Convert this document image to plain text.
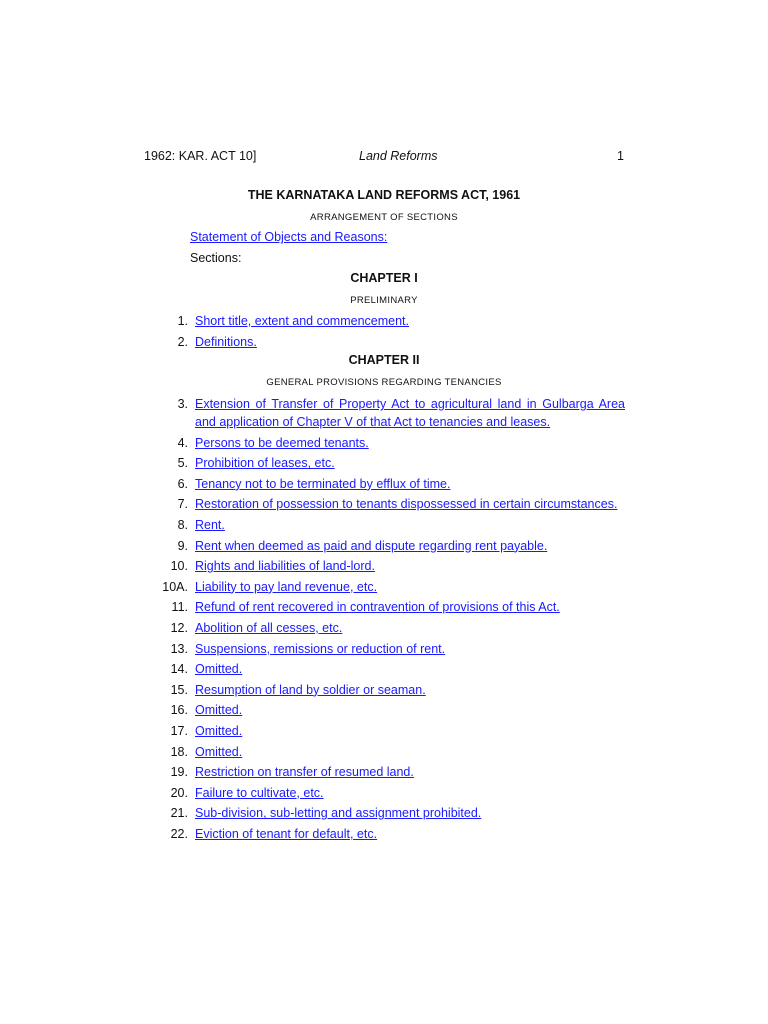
1962: KAR. ACT 10]	Land Reforms	1
THE KARNATAKA LAND REFORMS ACT, 1961
ARRANGEMENT OF SECTIONS
Statement of Objects and Reasons:
Sections:
CHAPTER I
PRELIMINARY
1. Short title, extent and commencement.
2. Definitions.
CHAPTER II
GENERAL PROVISIONS REGARDING TENANCIES
3. Extension of Transfer of Property Act to agricultural land in Gulbarga Area and application of Chapter V of that Act to tenancies and leases.
4. Persons to be deemed tenants.
5. Prohibition of leases, etc.
6. Tenancy not to be terminated by efflux of time.
7. Restoration of possession to tenants dispossessed in certain circumstances.
8. Rent.
9. Rent when deemed as paid and dispute regarding rent payable.
10. Rights and liabilities of land-lord.
10A. Liability to pay land revenue, etc.
11. Refund of rent recovered in contravention of provisions of this Act.
12. Abolition of all cesses, etc.
13. Suspensions, remissions or reduction of rent.
14. Omitted.
15. Resumption of land by soldier or seaman.
16. Omitted.
17. Omitted.
18. Omitted.
19. Restriction on transfer of resumed land.
20. Failure to cultivate, etc.
21. Sub-division, sub-letting and assignment prohibited.
22. Eviction of tenant for default, etc.
